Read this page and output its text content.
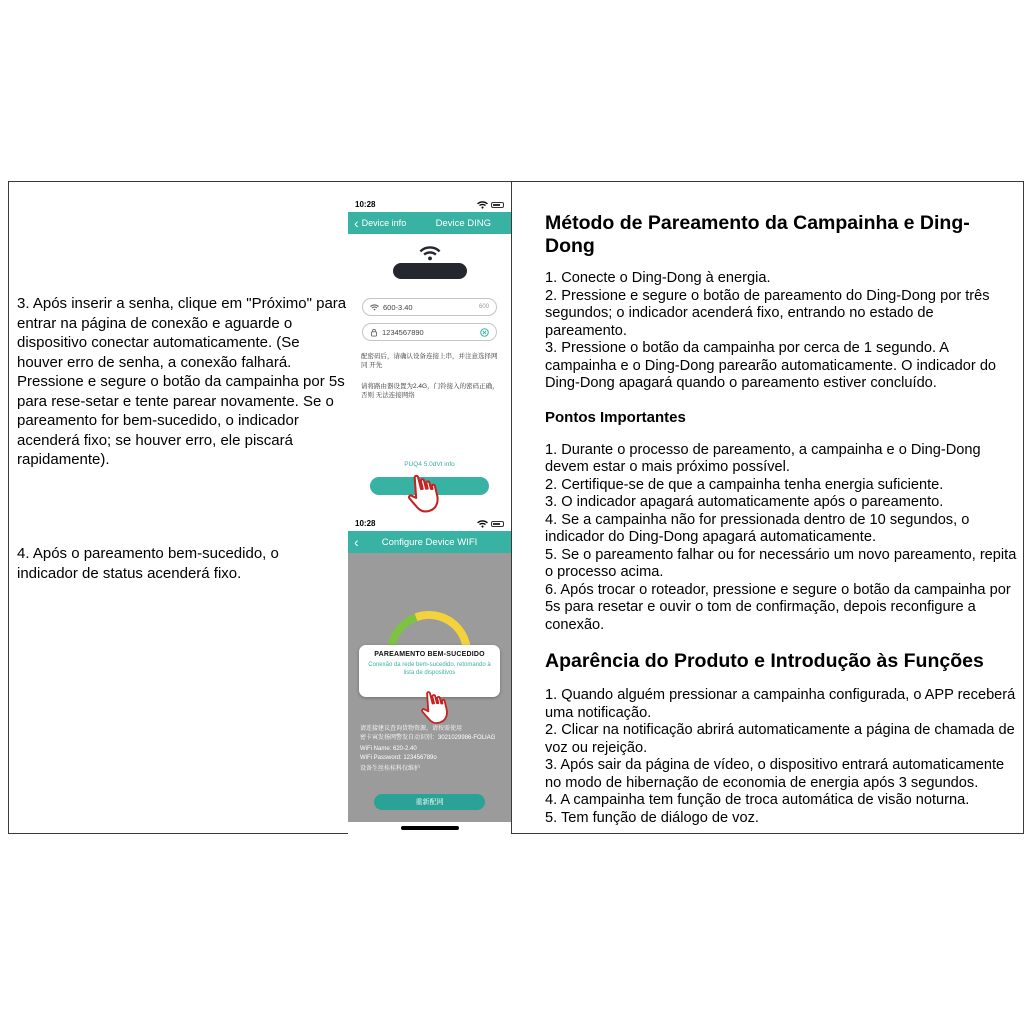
3. Após inserir a senha, clique em "Próximo" para entrar na página de conexão e aguarde o dispositivo conectar automaticamente. (Se houver erro de senha, a conexão falhará. Pressione e segure o botão da campainha por 5s para rese-setar e tente parear novamente. Se o pareamento for bem-sucedido, o indicador acenderá fixo; se houver erro, ele piscará rapidamente).

4. Após o pareamento bem-sucedido, o indicador de status acenderá fixo.

10:28
‹ Device info	Device DING
600-3.40	600
1234567890
配密码后，请确认设备连接上串，并注意选择网同 开先
请将路由器设置为2.4G，门铃接入的密码正确，否则 无法连接网络
PUQ4 5.0dVt info
10:28
‹	Configure Device WIFI
PAREAMENTO BEM-SUCEDIDO
Conexão da rede bem-sucedido, retomando à lista de dispositivos
请连接建议查询货物资源，请按需使用
密卡寅发扬网警发自动识别：3021029986-FOLIAG
WiFi Name: 620-2.40
WiFi Password: 123456789o
设备生丝桂桂科仅维护
重新配网
Método de Pareamento da Campainha e Ding-Dong
1. Conecte o Ding-Dong à energia.
2. Pressione e segure o botão de pareamento do Ding-Dong por três segundos; o indicador acenderá fixo, entrando no estado de pareamento.
3. Pressione o botão da campainha por cerca de 1 segundo. A campainha e o Ding-Dong parearão automaticamente. O indicador do Ding-Dong apagará quando o pareamento estiver concluído.
Pontos Importantes
1. Durante o processo de pareamento, a campainha e o Ding-Dong devem estar o mais próximo possível.
2. Certifique-se de que a campainha tenha energia suficiente.
3. O indicador apagará automaticamente após o pareamento.
4. Se a campainha não for pressionada dentro de 10 segundos, o indicador do Ding-Dong apagará automaticamente.
5. Se o pareamento falhar ou for necessário um novo pareamento, repita o processo acima.
6. Após trocar o roteador, pressione e segure o botão da campainha por 5s para resetar e ouvir o tom de confirmação, depois reconfigure a conexão.
Aparência do Produto e Introdução às Funções
1. Quando alguém pressionar a campainha configurada, o APP receberá uma notificação.
2. Clicar na notificação abrirá automaticamente a página de chamada de voz ou rejeição.
3. Após sair da página de vídeo, o dispositivo entrará automaticamente no modo de hibernação de economia de energia após 3 segundos.
4. A campainha tem função de troca automática de visão noturna.
5. Tem função de diálogo de voz.
